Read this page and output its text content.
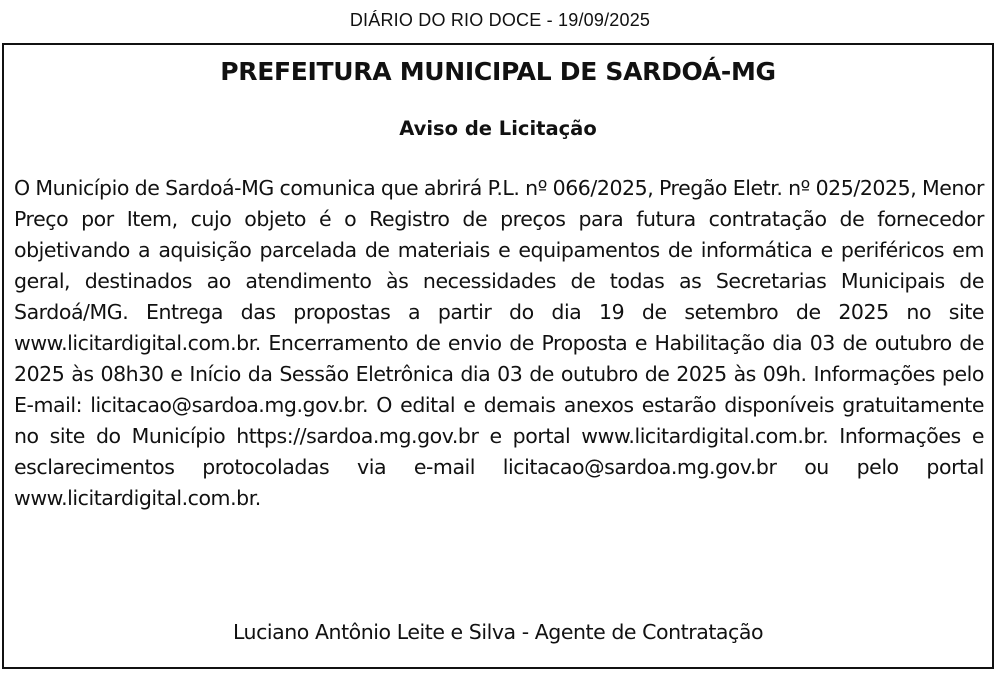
DIÁRIO DO RIO DOCE - 19/09/2025
PREFEITURA MUNICIPAL DE SARDOÁ-MG
Aviso de Licitação

O Município de Sardoá-MG comunica que abrirá P.L. nº 066/2025, Pregão Eletr. nº 025/2025, Menor Preço por Item, cujo objeto é o Registro de preços para futura contratação de fornecedor objetivando a aquisição parcelada de materiais e equipamentos de informática e periféricos em geral, destinados ao atendimento às necessidades de todas as Secretarias Municipais de Sardoá/MG. Entrega das propostas a partir do dia 19 de setembro de 2025 no site www.licitardigital.com.br. Encerramento de envio de Proposta e Habilitação dia 03 de outubro de 2025 às 08h30 e Início da Sessão Eletrônica dia 03 de outubro de 2025 às 09h. Informações pelo E-mail: licitacao@sardoa.mg.gov.br. O edital e demais anexos estarão disponíveis gratuitamente no site do Município https://sardoa.mg.gov.br e portal www.licitardigital.com.br. Informações e esclarecimentos protocoladas via e-mail licitacao@sardoa.mg.gov.br ou pelo portal www.licitardigital.com.br.

Luciano Antônio Leite e Silva - Agente de Contratação
